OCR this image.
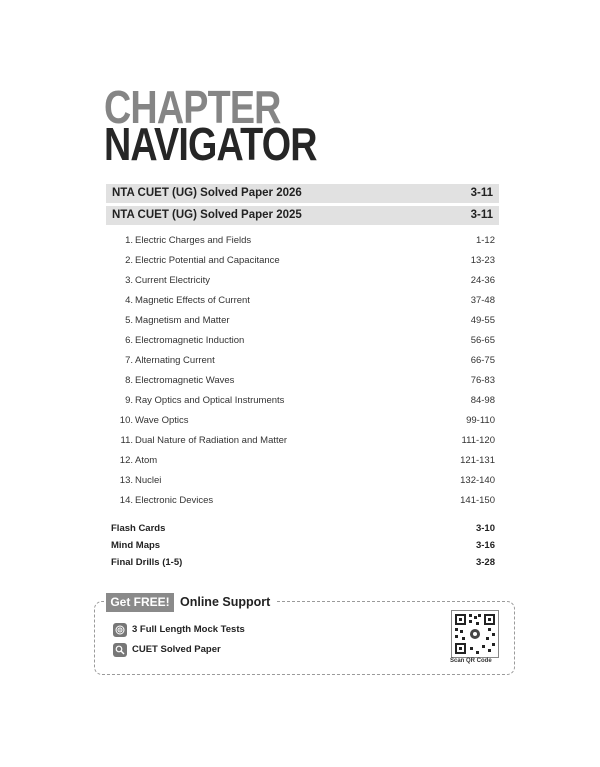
CHAPTER
NAVIGATOR
NTA CUET (UG) Solved Paper 2026	3-11
NTA CUET (UG) Solved Paper 2025	3-11
1. Electric Charges and Fields	1-12
2. Electric Potential and Capacitance	13-23
3. Current Electricity	24-36
4. Magnetic Effects of Current	37-48
5. Magnetism and Matter	49-55
6. Electromagnetic Induction	56-65
7. Alternating Current	66-75
8. Electromagnetic Waves	76-83
9. Ray Optics and Optical Instruments	84-98
10. Wave Optics	99-110
11. Dual Nature of Radiation and Matter	111-120
12. Atom	121-131
13. Nuclei	132-140
14. Electronic Devices	141-150
Flash Cards	3-10
Mind Maps	3-16
Final Drills (1-5)	3-28
Get FREE! Online Support
3 Full Length Mock Tests
CUET Solved Paper
Scan QR Code
